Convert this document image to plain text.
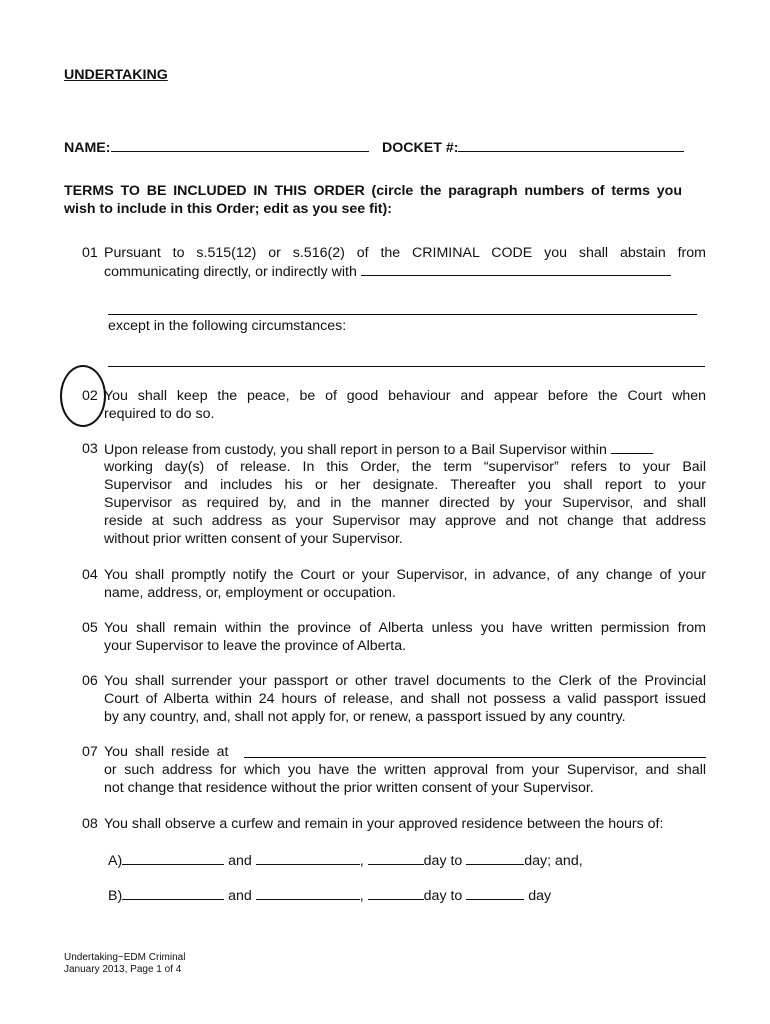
UNDERTAKING
NAME:	DOCKET #:
TERMS TO BE INCLUDED IN THIS ORDER (circle the paragraph numbers of terms you
wish to include in this Order; edit as you see fit):
01 Pursuant to s.515(12) or s.516(2) of the CRIMINAL CODE you shall abstain from
communicating directly, or indirectly with
except in the following circumstances:
02 You shall keep the peace, be of good behaviour and appear before the Court when
required to do so.
03 Upon release from custody, you shall report in person to a Bail Supervisor within
working day(s) of release. In this Order, the term “supervisor” refers to your Bail
Supervisor and includes his or her designate. Thereafter you shall report to your
Supervisor as required by, and in the manner directed by your Supervisor, and shall
reside at such address as your Supervisor may approve and not change that address
without prior written consent of your Supervisor.
04 You shall promptly notify the Court or your Supervisor, in advance, of any change of your
name, address, or, employment or occupation.
05 You shall remain within the province of Alberta unless you have written permission from
your Supervisor to leave the province of Alberta.
06 You shall surrender your passport or other travel documents to the Clerk of the Provincial
Court of Alberta within 24 hours of release, and shall not possess a valid passport issued
by any country, and, shall not apply for, or renew, a passport issued by any country.
07 You shall reside at
or such address for which you have the written approval from your Supervisor, and shall
not change that residence without the prior written consent of your Supervisor.
08 You shall observe a curfew and remain in your approved residence between the hours of:
A)	and	,	day to	day; and,
B)	and	,	day to	day
Undertaking~EDM Criminal
January 2013, Page 1 of 4
